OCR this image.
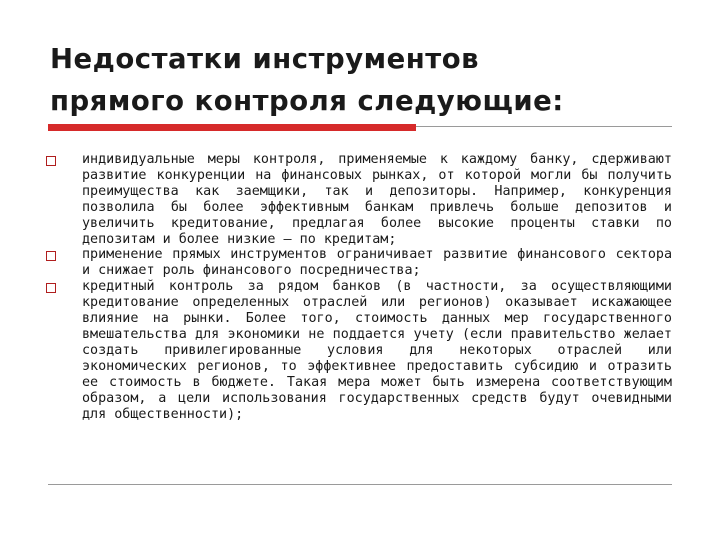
Недостатки инструментов
прямого контроля следующие:
индивидуальные меры контроля, применяемые к каждому банку, сдерживают развитие конкуренции на финансовых рынках, от которой могли бы получить преимущества как заемщики, так и депозиторы. Например, конкуренция позволила бы более эффективным банкам привлечь больше депозитов и увеличить кредитование, предлагая более высокие проценты ставки по депозитам и более низкие – по кредитам;
применение прямых инструментов ограничивает развитие финансового сектора и снижает роль финансового посредничества;
кредитный контроль за рядом банков (в частности, за осуществляющими кредитование определенных отраслей или регионов) оказывает искажающее влияние на рынки. Более того, стоимость данных мер государственного вмешательства для экономики не поддается учету (если правительство желает создать привилегированные условия для некоторых отраслей или экономических регионов, то эффективнее предоставить субсидию и отразить ее стоимость в бюджете. Такая мера может быть измерена соответствующим образом, а цели использования государственных средств будут очевидными для общественности);
